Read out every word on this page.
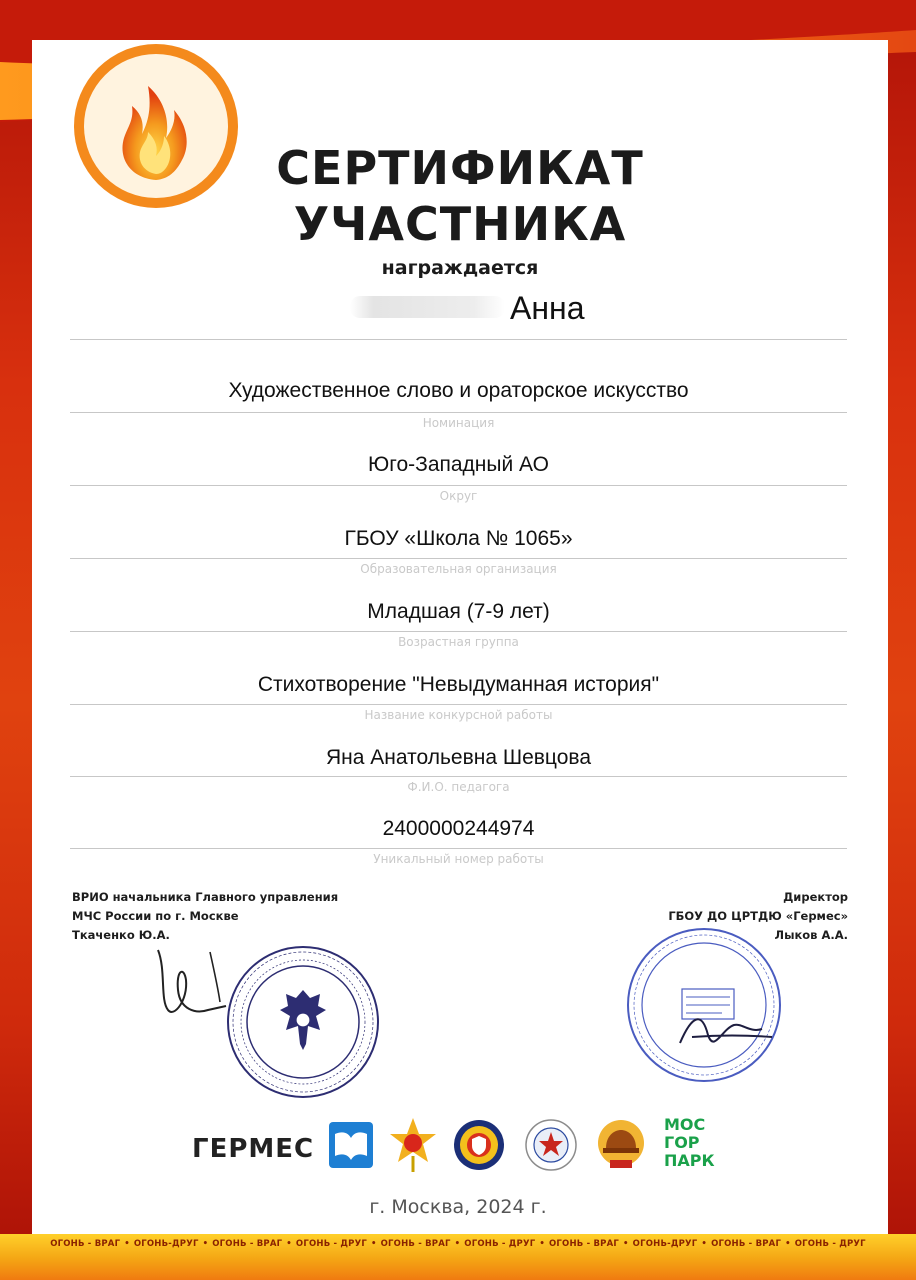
СЕРТИФИКАТ
УЧАСТНИКА
награждается
Анна
Художественное слово и ораторское искусство
Номинация
Юго-Западный АО
Округ
ГБОУ «Школа № 1065»
Образовательная организация
Младшая (7-9 лет)
Возрастная группа
Стихотворение "Невыдуманная история"
Название конкурсной работы
Яна Анатольевна Шевцова
Ф.И.О. педагога
2400000244974
Уникальный номер работы
ВРИО начальника Главного управления
МЧС России по г. Москве
Ткаченко Ю.А.
Директор
ГБОУ ДО ЦРТДЮ «Гермес»
Лыков А.А.
ГЕРМЕС
МОС
ГОР
ПАРК
г. Москва, 2024 г.
ОГОНЬ - ВРАГ • ОГОНЬ-ДРУГ • ОГОНЬ - ВРАГ • ОГОНЬ - ДРУГ • ОГОНЬ - ВРАГ • ОГОНЬ - ДРУГ • ОГОНЬ - ВРАГ • ОГОНЬ-ДРУГ • ОГОНЬ - ВРАГ • ОГОНЬ - ДРУГ
